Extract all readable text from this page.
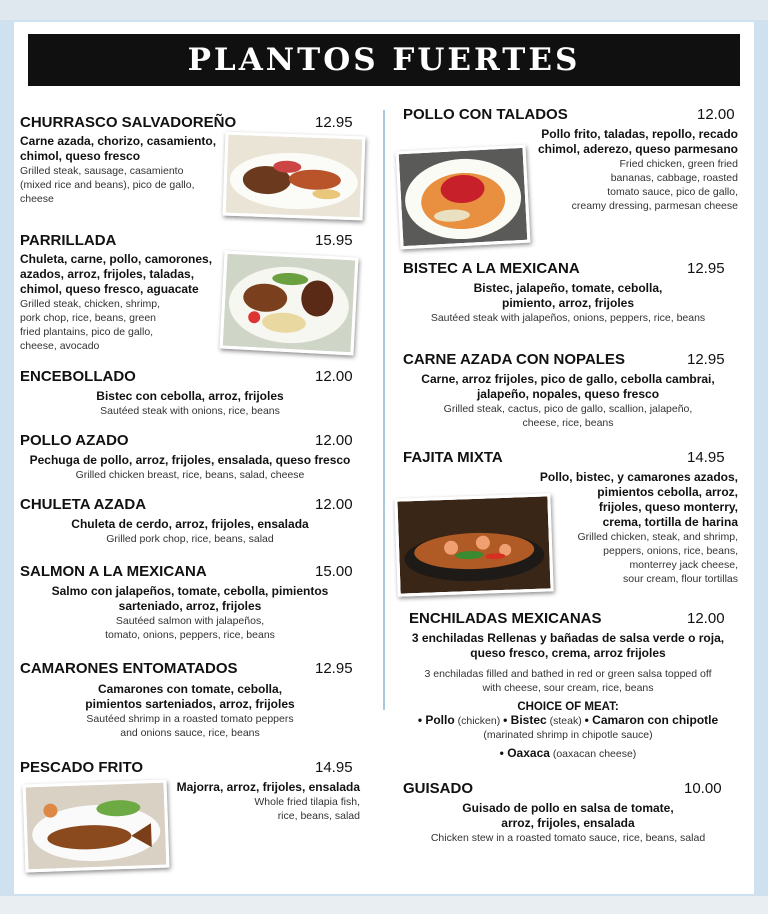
PLANTOS FUERTES
CHURRASCO SALVADOREÑO	12.95
Carne azada, chorizo, casamiento,
chimol, queso fresco
Grilled steak, sausage, casamiento
(mixed rice and beans), pico de gallo,
cheese
PARRILLADA	15.95
Chuleta, carne, pollo, camorones,
azados, arroz, frijoles, taladas,
chimol, queso fresco, aguacate
Grilled steak, chicken, shrimp,
pork chop, rice, beans, green
fried plantains, pico de gallo,
cheese, avocado
ENCEBOLLADO	12.00
Bistec con cebolla, arroz, frijoles
Sautéed steak with onions, rice, beans
POLLO AZADO	12.00
Pechuga de pollo, arroz, frijoles, ensalada, queso fresco
Grilled chicken breast, rice, beans, salad, cheese
CHULETA AZADA	12.00
Chuleta de cerdo, arroz, frijoles, ensalada
Grilled pork chop, rice, beans, salad
SALMON A LA MEXICANA	15.00
Salmo con jalapeños, tomate, cebolla, pimientos
sarteniado, arroz, frijoles
Sautéed salmon with jalapeños,
tomato, onions, peppers, rice, beans
CAMARONES ENTOMATADOS	12.95
Camarones con tomate, cebolla,
pimientos sarteniados, arroz, frijoles
Sautéed shrimp in a roasted tomato peppers
and onions sauce, rice, beans
PESCADO FRITO	14.95
Majorra, arroz, frijoles, ensalada
Whole fried tilapia fish,
rice, beans, salad
POLLO CON TALADOS	12.00
Pollo frito, taladas, repollo, recado
chimol, aderezo, queso parmesano
Fried chicken, green fried
bananas, cabbage, roasted
tomato sauce, pico de gallo,
creamy dressing, parmesan cheese
BISTEC A LA MEXICANA	12.95
Bistec, jalapeño, tomate, cebolla,
pimiento, arroz, frijoles
Sautéed steak with jalapeños, onions, peppers, rice, beans
CARNE AZADA CON NOPALES	12.95
Carne, arroz frijoles, pico de gallo, cebolla cambrai,
jalapeño, nopales, queso fresco
Grilled steak, cactus, pico de gallo, scallion, jalapeño,
cheese, rice, beans
FAJITA MIXTA	14.95
Pollo, bistec, y camarones azados,
pimientos cebolla, arroz,
frijoles, queso monterry,
crema, tortilla de harina
Grilled chicken, steak, and shrimp,
peppers, onions, rice, beans,
monterrey jack cheese,
sour cream, flour tortillas
ENCHILADAS MEXICANAS	12.00
3 enchiladas Rellenas y bañadas de salsa verde o roja,
queso fresco, crema, arroz frijoles
3 enchiladas filled and bathed in red or green salsa topped off
with cheese, sour cream, rice, beans
CHOICE OF MEAT:
• Pollo (chicken) • Bistec (steak) • Camaron con chipotle
(marinated shrimp in chipotle sauce)
• Oaxaca (oaxacan cheese)
GUISADO	10.00
Guisado de pollo en salsa de tomate,
arroz, frijoles, ensalada
Chicken stew in a roasted tomato sauce, rice, beans, salad
